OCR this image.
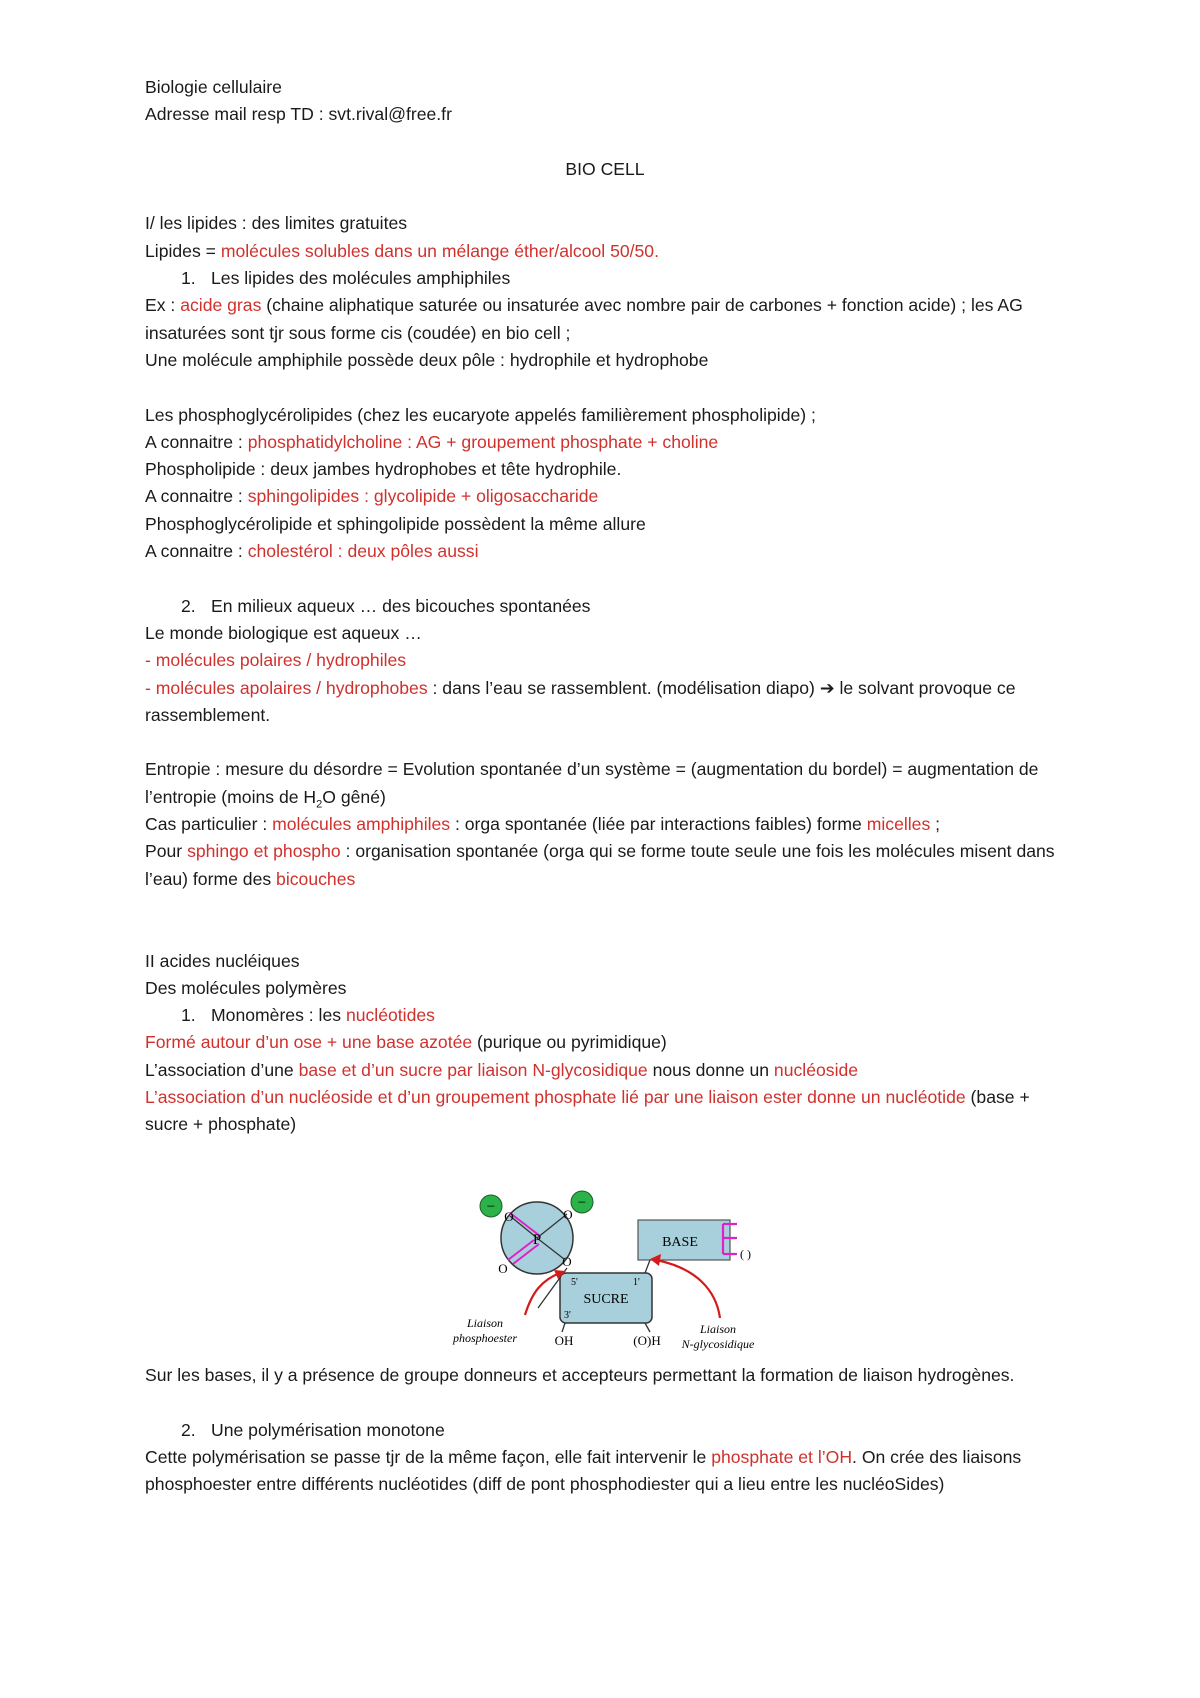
Biologie cellulaire
Adresse mail resp TD : svt.rival@free.fr
BIO CELL
I/ les lipides : des limites gratuites
Lipides = molécules solubles dans un mélange éther/alcool 50/50.
1. Les lipides des molécules amphiphiles
Ex : acide gras (chaine aliphatique saturée ou insaturée avec nombre pair de carbones + fonction acide) ; les AG insaturées sont tjr sous forme cis (coudée) en bio cell ;
Une molécule amphiphile possède deux pôle : hydrophile et hydrophobe
Les phosphoglycérolipides (chez les eucaryote appelés familièrement phospholipide) ;
A connaitre : phosphatidylcholine : AG + groupement phosphate + choline
Phospholipide : deux jambes hydrophobes et tête hydrophile.
A connaitre : sphingolipides : glycolipide + oligosaccharide
Phosphoglycérolipide et sphingolipide possèdent la même allure
A connaitre : cholestérol : deux pôles aussi
2. En milieux aqueux … des bicouches spontanées
Le monde biologique est aqueux …
- molécules polaires / hydrophiles
- molécules apolaires / hydrophobes : dans l’eau se rassemblent. (modélisation diapo) ➔ le solvant provoque ce rassemblement.
Entropie : mesure du désordre = Evolution spontanée d’un système = (augmentation du bordel) = augmentation de l’entropie (moins de $H_2O$ gêné)
Cas particulier : molécules amphiphiles : orga spontanée (liée par interactions faibles) forme micelles ;
Pour sphingo et phospho : organisation spontanée (orga qui se forme toute seule une fois les molécules misent dans l’eau) forme des bicouches
II acides nucléiques
Des molécules polymères
1. Monomères : les nucléotides
Formé autour d’un ose + une base azotée (purique ou pyrimidique)
L’association d’une base et d’un sucre par liaison N-glycosidique nous donne un nucléoside
L’association d’un nucléoside et d’un groupement phosphate lié par une liaison ester donne un nucléotide (base + sucre + phosphate)
P
O	O
O
O
−	−
BASE
( )
SUCRE
5'	1'
3'
OH	(O)H
Liaison
phosphoester
Liaison
N-glycosidique
Sur les bases, il y a présence de groupe donneurs et accepteurs permettant la formation de liaison hydrogènes.
2. Une polymérisation monotone
Cette polymérisation se passe tjr de la même façon, elle fait intervenir le phosphate et l’OH. On crée des liaisons phosphoester entre différents nucléotides (diff de pont phosphodiester qui a lieu entre les nucléoSides)
